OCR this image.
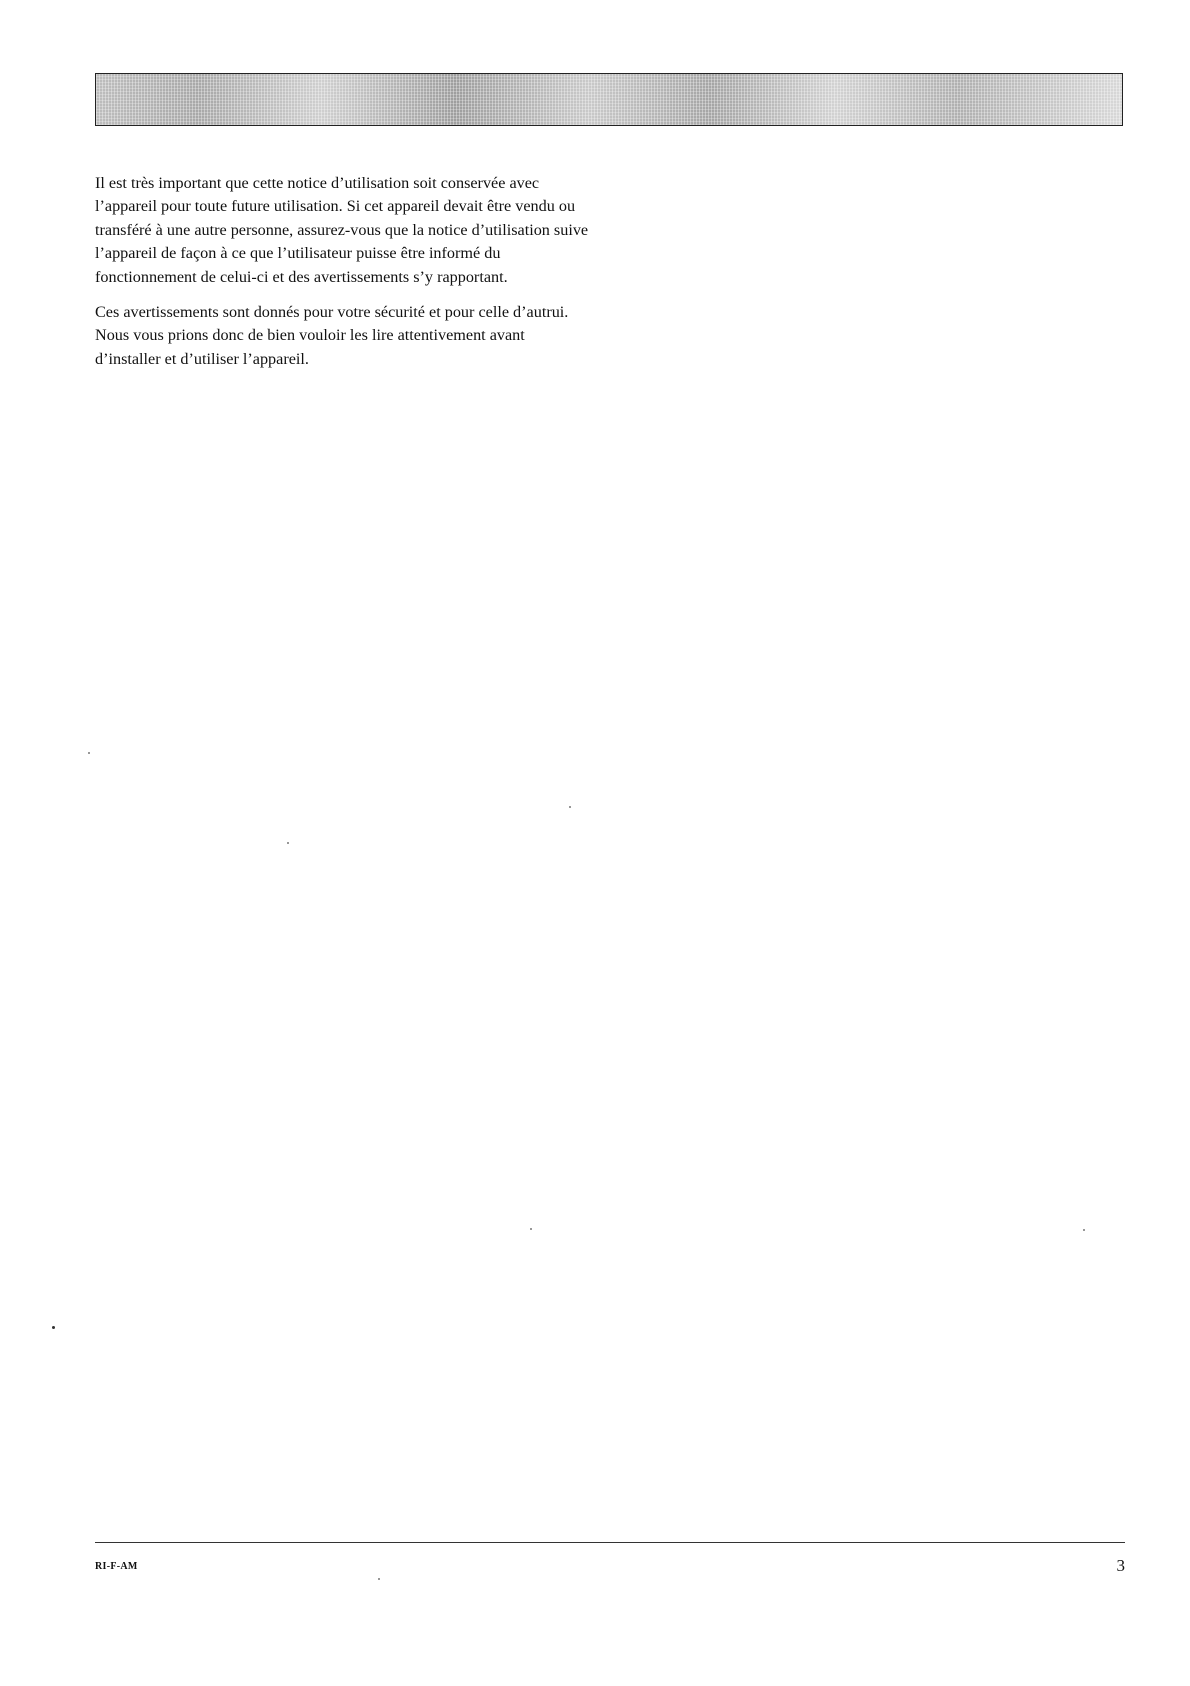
Il est très important que cette notice d’utilisation soit conservée avec l’appareil pour toute future utilisation. Si cet appareil devait être vendu ou transféré à une autre personne, assurez-vous que la notice d’utilisation suive l’appareil de façon à ce que l’utilisateur puisse être informé du fonctionnement de celui-ci et des avertissements s’y rapportant.

Ces avertissements sont donnés pour votre sécurité et pour celle d’autrui. Nous vous prions donc de bien vouloir les lire attentivement avant d’installer et d’utiliser l’appareil.

RI-F-AM	3
